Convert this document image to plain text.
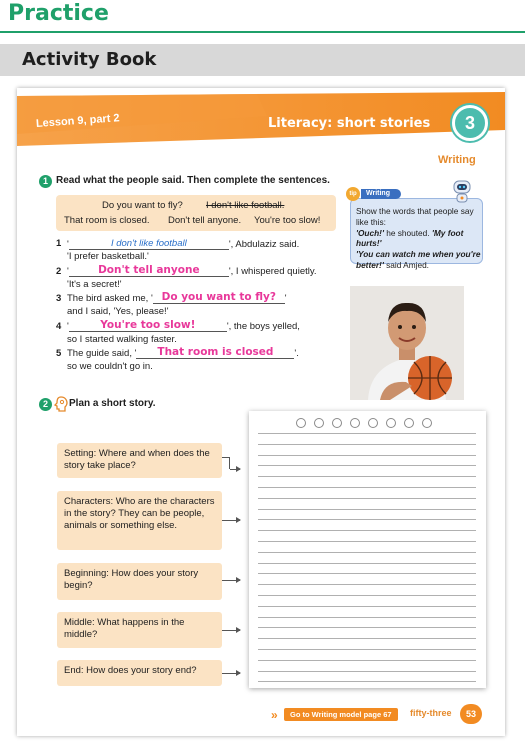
Practice
Activity Book
Lesson 9, part 2	Literacy: short stories	3
Writing
1 Read what the people said. Then complete the sentences.
Do you want to fly? I don't like football.
That room is closed. Don't tell anyone. You're too slow!
1 '	I don't like football	', Abdulaziz said.
'I prefer basketball.'
2 '	Don't tell anyone	', I whispered quietly.
'It's a secret!'
3 The bird asked me, ' Do you want to fly? '
and I said, 'Yes, please!'
4 '	You're too slow!	', the boys yelled,
so I started walking faster.
5 The guide said, ' That room is closed '.
so we couldn't go in.
tip	Writing
Show the words that people say like this:
'Ouch!' he shouted. 'My foot hurts!'
'You can watch me when you're better!' said Amjed.
2	Plan a short story.
Setting: Where and when does the story take place?
Characters: Who are the characters in the story? They can be people, animals or something else.
Beginning: How does your story begin?
Middle: What happens in the middle?
End: How does your story end?
»	Go to Writing model page 67	fifty-three	53
